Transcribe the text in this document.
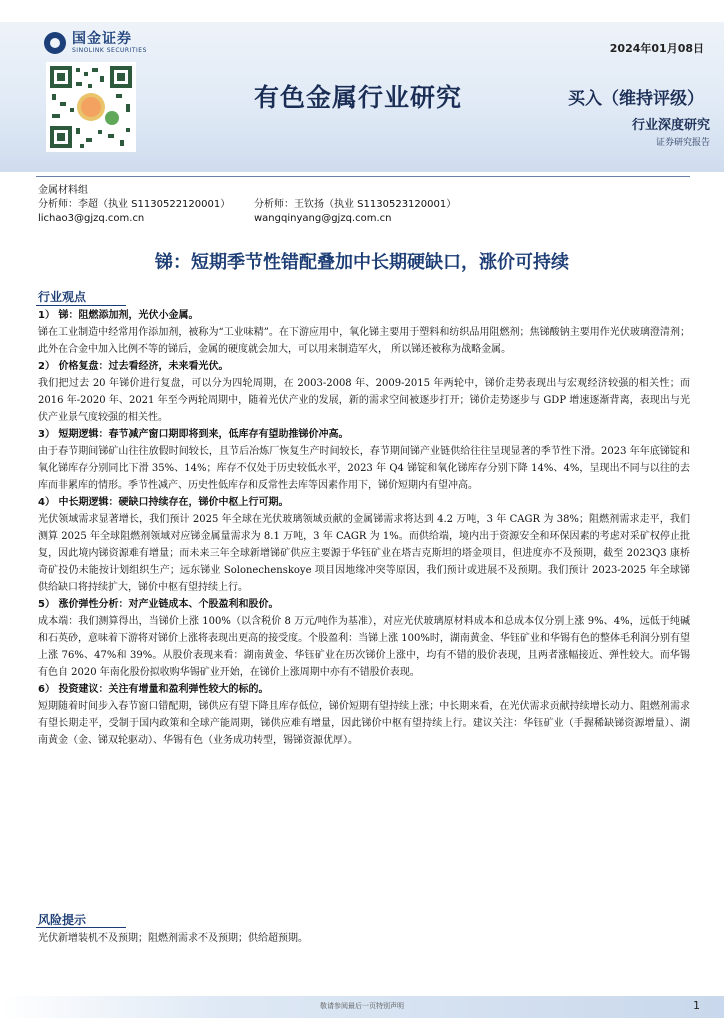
国金证券
SINOLINK SECURITIES	2024年01月08日
有色金属行业研究	买入（维持评级）
行业深度研究
证券研究报告
金属材料组
分析师：李超（执业 S1130522120001）	分析师：王钦扬（执业 S1130523120001）
lichao3@gjzq.com.cn	wangqinyang@gjzq.com.cn
锑：短期季节性错配叠加中长期硬缺口，涨价可持续
行业观点

1） 锑：阻燃添加剂，光伏小金属。

锑在工业制造中经常用作添加剂，被称为“工业味精”。在下游应用中，氧化锑主要用于塑料和纺织品用阻燃剂；焦锑酸钠主要用作光伏玻璃澄清剂；此外在合金中加入比例不等的锑后，金属的硬度就会加大，可以用来制造军火， 所以锑还被称为战略金属。

2） 价格复盘：过去看经济，未来看光伏。

我们把过去 20 年锑价进行复盘，可以分为四轮周期，在 2003-2008 年、2009-2015 年两轮中，锑价走势表现出与宏观经济较强的相关性；而 2016 年-2020 年、2021 年至今两轮周期中，随着光伏产业的发展，新的需求空间被逐步打开；锑价走势逐步与 GDP 增速逐渐背离，表现出与光伏产业景气度较强的相关性。

3） 短期逻辑：春节减产窗口期即将到来，低库存有望助推锑价冲高。

由于春节期间锑矿山往往放假时间较长，且节后冶炼厂恢复生产时间较长，春节期间锑产业链供给往往呈现显著的季节性下滑。2023 年年底锑锭和氧化锑库存分别同比下滑 35%、14%；库存不仅处于历史较低水平，2023 年 Q4 锑锭和氧化锑库存分别下降 14%、4%，呈现出不同与以往的去库而非累库的情形。季节性减产、历史性低库存和反常性去库等因素作用下，锑价短期内有望冲高。

4） 中长期逻辑：硬缺口持续存在，锑价中枢上行可期。

光伏领域需求显著增长，我们预计 2025 年全球在光伏玻璃领域贡献的金属锑需求将达到 4.2 万吨，3 年 CAGR 为 38%；阻燃剂需求走平，我们测算 2025 年全球阻燃剂领域对应锑金属量需求为 8.1 万吨，3 年 CAGR 为 1%。而供给端，境内出于资源安全和环保因素的考虑对采矿权停止批复，因此境内锑资源难有增量；而未来三年全球新增锑矿供应主要源于华钰矿业在塔吉克斯坦的塔金项目，但进度亦不及预期，截至 2023Q3 康桥奇矿投仍未能按计划组织生产；远东锑业 Solonechenskoye 项目因地缘冲突等原因，我们预计或进展不及预期。我们预计 2023-2025 年全球锑供给缺口将持续扩大，锑价中枢有望持续上行。

5） 涨价弹性分析：对产业链成本、个股盈利和股价。

成本端：我们测算得出，当锑价上涨 100%（以含税价 8 万元/吨作为基准），对应光伏玻璃原材料成本和总成本仅分别上涨 9%、4%，远低于纯碱和石英砂，意味着下游将对锑价上涨将表现出更高的接受度。个股盈利：当锑上涨 100%时，湖南黄金、华钰矿业和华锡有色的整体毛利润分别有望上涨 76%、47%和 39%。从股价表现来看：湖南黄金、华钰矿业在历次锑价上涨中，均有不错的股价表现，且两者涨幅接近、弹性较大。而华锡有色自 2020 年南化股份拟收购华锡矿业开始，在锑价上涨周期中亦有不错股价表现。

6） 投资建议：关注有增量和盈利弹性较大的标的。

短期随着时间步入春节窗口错配期，锑供应有望下降且库存低位，锑价短期有望持续上涨；中长期来看，在光伏需求贡献持续增长动力、阻燃剂需求有望长期走平，受制于国内政策和全球产能周期，锑供应难有增量，因此锑价中枢有望持续上行。建议关注：华钰矿业（手握稀缺锑资源增量）、湖南黄金（金、锑双轮驱动）、华锡有色（业务成功转型，锡锑资源优厚）。

风险提示
光伏新增装机不及预期；阻燃剂需求不及预期；供给超预期。
敬请参阅最后一页特别声明	1
